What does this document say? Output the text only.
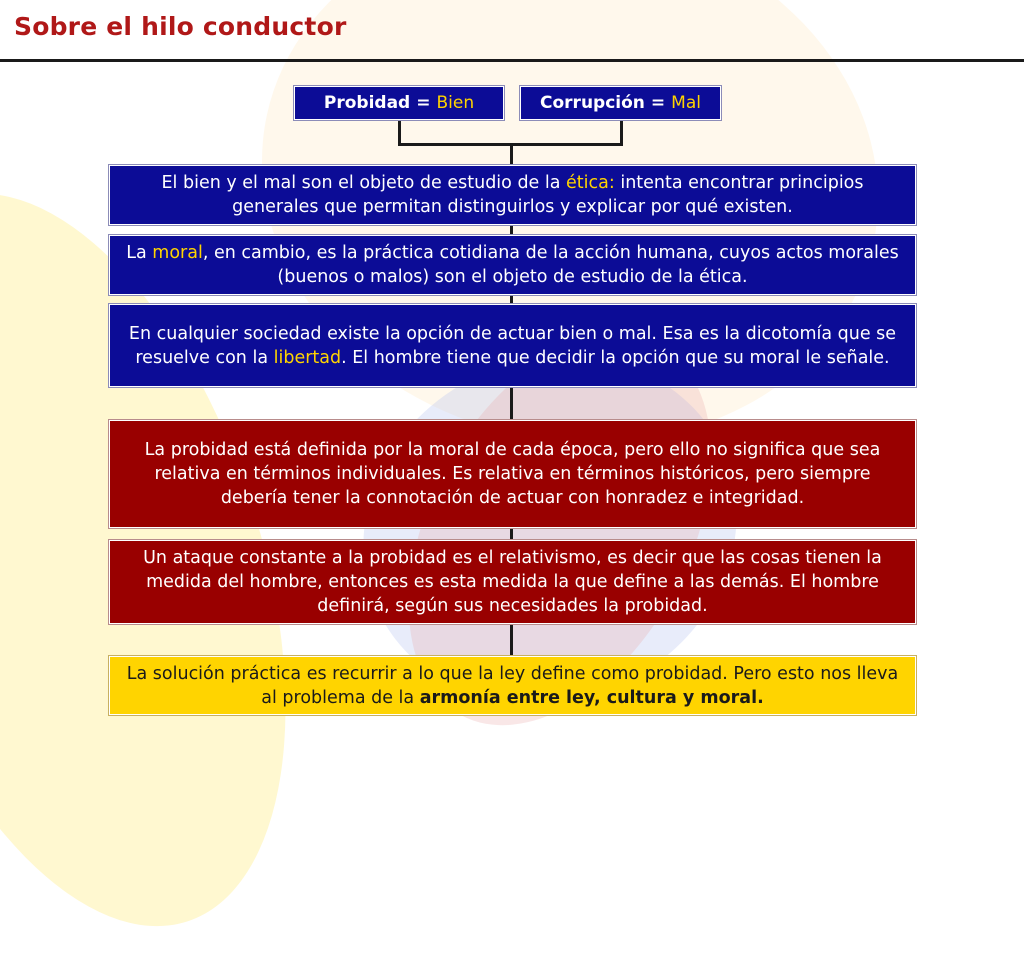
Sobre el hilo conductor
Probidad = Bien	Corrupción = Mal
El bien y el mal son el objeto de estudio de la ética: intenta encontrar principios generales que permitan distinguirlos y explicar por qué existen.
La moral, en cambio, es la práctica cotidiana de la acción humana, cuyos actos morales (buenos o malos) son el objeto de estudio de la ética.
En cualquier sociedad existe la opción de actuar bien o mal. Esa es la dicotomía que se resuelve con la libertad. El hombre tiene que decidir la opción que su moral le señale.
La probidad está definida por la moral de cada época, pero ello no significa que sea relativa en términos individuales. Es relativa en términos históricos, pero siempre debería tener la connotación de actuar con honradez e integridad.
Un ataque constante a la probidad es el relativismo, es decir que las cosas tienen la medida del hombre, entonces es esta medida la que define a las demás. El hombre definirá, según sus necesidades la probidad.
La solución práctica es recurrir a lo que la ley define como probidad. Pero esto nos lleva al problema de la armonía entre ley, cultura y moral.
